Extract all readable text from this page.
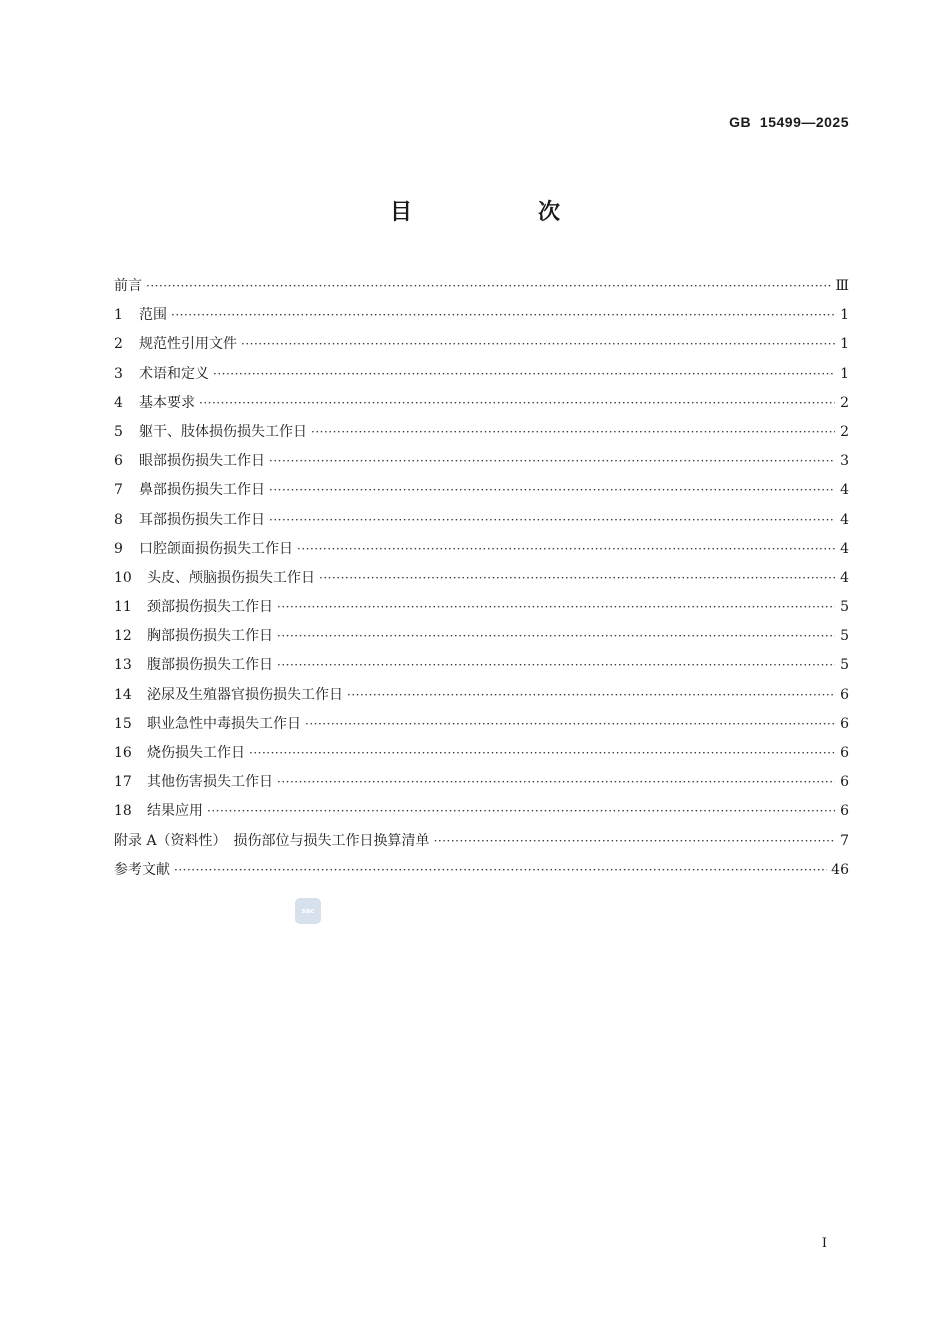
GB  15499—2025
目　次
前言 ·····	Ⅲ
1	范围 ·····	1
2	规范性引用文件 ·····	1
3	术语和定义 ·····	1
4	基本要求 ·····	2
5	躯干、肢体损伤损失工作日 ·····	2
6	眼部损伤损失工作日 ·····	3
7	鼻部损伤损失工作日 ·····	4
8	耳部损伤损失工作日 ·····	4
9	口腔颌面损伤损失工作日 ·····	4
10	头皮、颅脑损伤损失工作日 ·····	4
11	颈部损伤损失工作日 ·····	5
12	胸部损伤损失工作日 ·····	5
13	腹部损伤损失工作日 ·····	5
14	泌尿及生殖器官损伤损失工作日 ·····	6
15	职业急性中毒损失工作日 ·····	6
16	烧伤损失工作日 ·····	6
17	其他伤害损失工作日 ·····	6
18	结果应用 ·····	6
附录 A（资料性）　损伤部位与损失工作日换算清单 ·····	7
参考文献 ·····	46
sac
I
